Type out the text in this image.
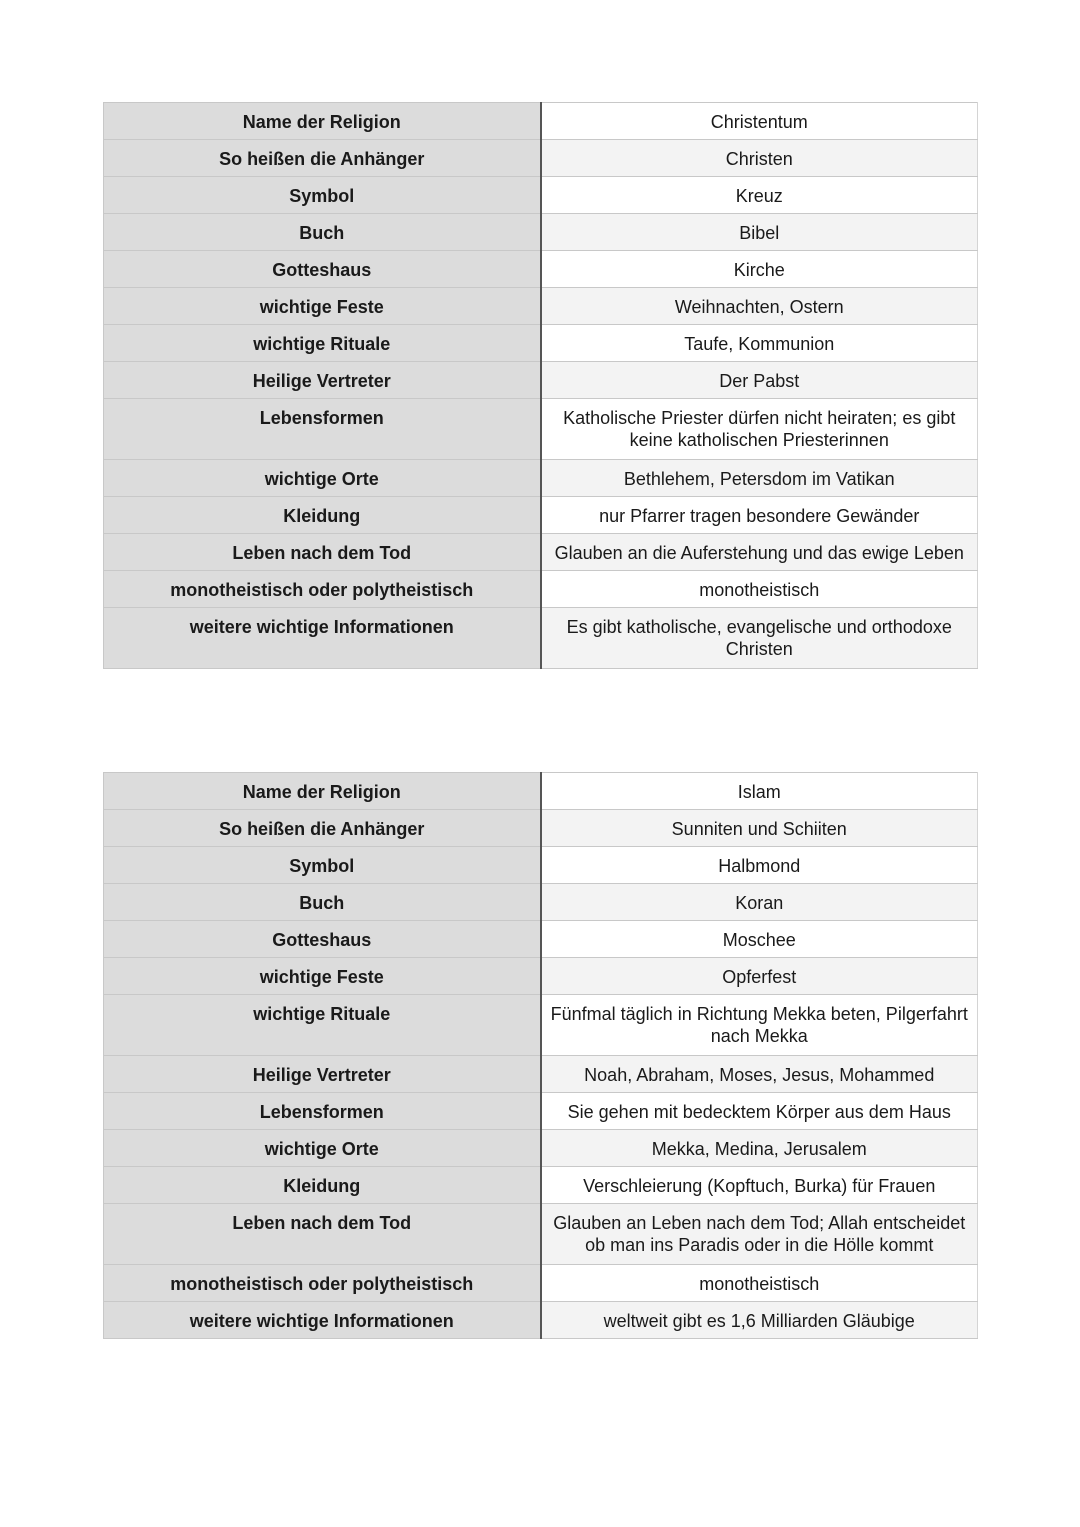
Name der Religion	Christentum
So heißen die Anhänger	Christen
Symbol	Kreuz
Buch	Bibel
Gotteshaus	Kirche
wichtige Feste	Weihnachten, Ostern
wichtige Rituale	Taufe, Kommunion
Heilige Vertreter	Der Pabst
Lebensformen	Katholische Priester dürfen nicht heiraten; es gibt keine katholischen Priesterinnen
wichtige Orte	Bethlehem, Petersdom im Vatikan
Kleidung	nur Pfarrer tragen besondere Gewänder
Leben nach dem Tod	Glauben an die Auferstehung und das ewige Leben
monotheistisch oder polytheistisch	monotheistisch
weitere wichtige Informationen	Es gibt katholische, evangelische und orthodoxe Christen
Name der Religion	Islam
So heißen die Anhänger	Sunniten und Schiiten
Symbol	Halbmond
Buch	Koran
Gotteshaus	Moschee
wichtige Feste	Opferfest
wichtige Rituale	Fünfmal täglich in Richtung Mekka beten, Pilgerfahrt nach Mekka
Heilige Vertreter	Noah, Abraham, Moses, Jesus, Mohammed
Lebensformen	Sie gehen mit bedecktem Körper aus dem Haus
wichtige Orte	Mekka, Medina, Jerusalem
Kleidung	Verschleierung (Kopftuch, Burka) für Frauen
Leben nach dem Tod	Glauben an Leben nach dem Tod; Allah entscheidet ob man ins Paradis oder in die Hölle kommt
monotheistisch oder polytheistisch	monotheistisch
weitere wichtige Informationen	weltweit gibt es 1,6 Milliarden Gläubige
